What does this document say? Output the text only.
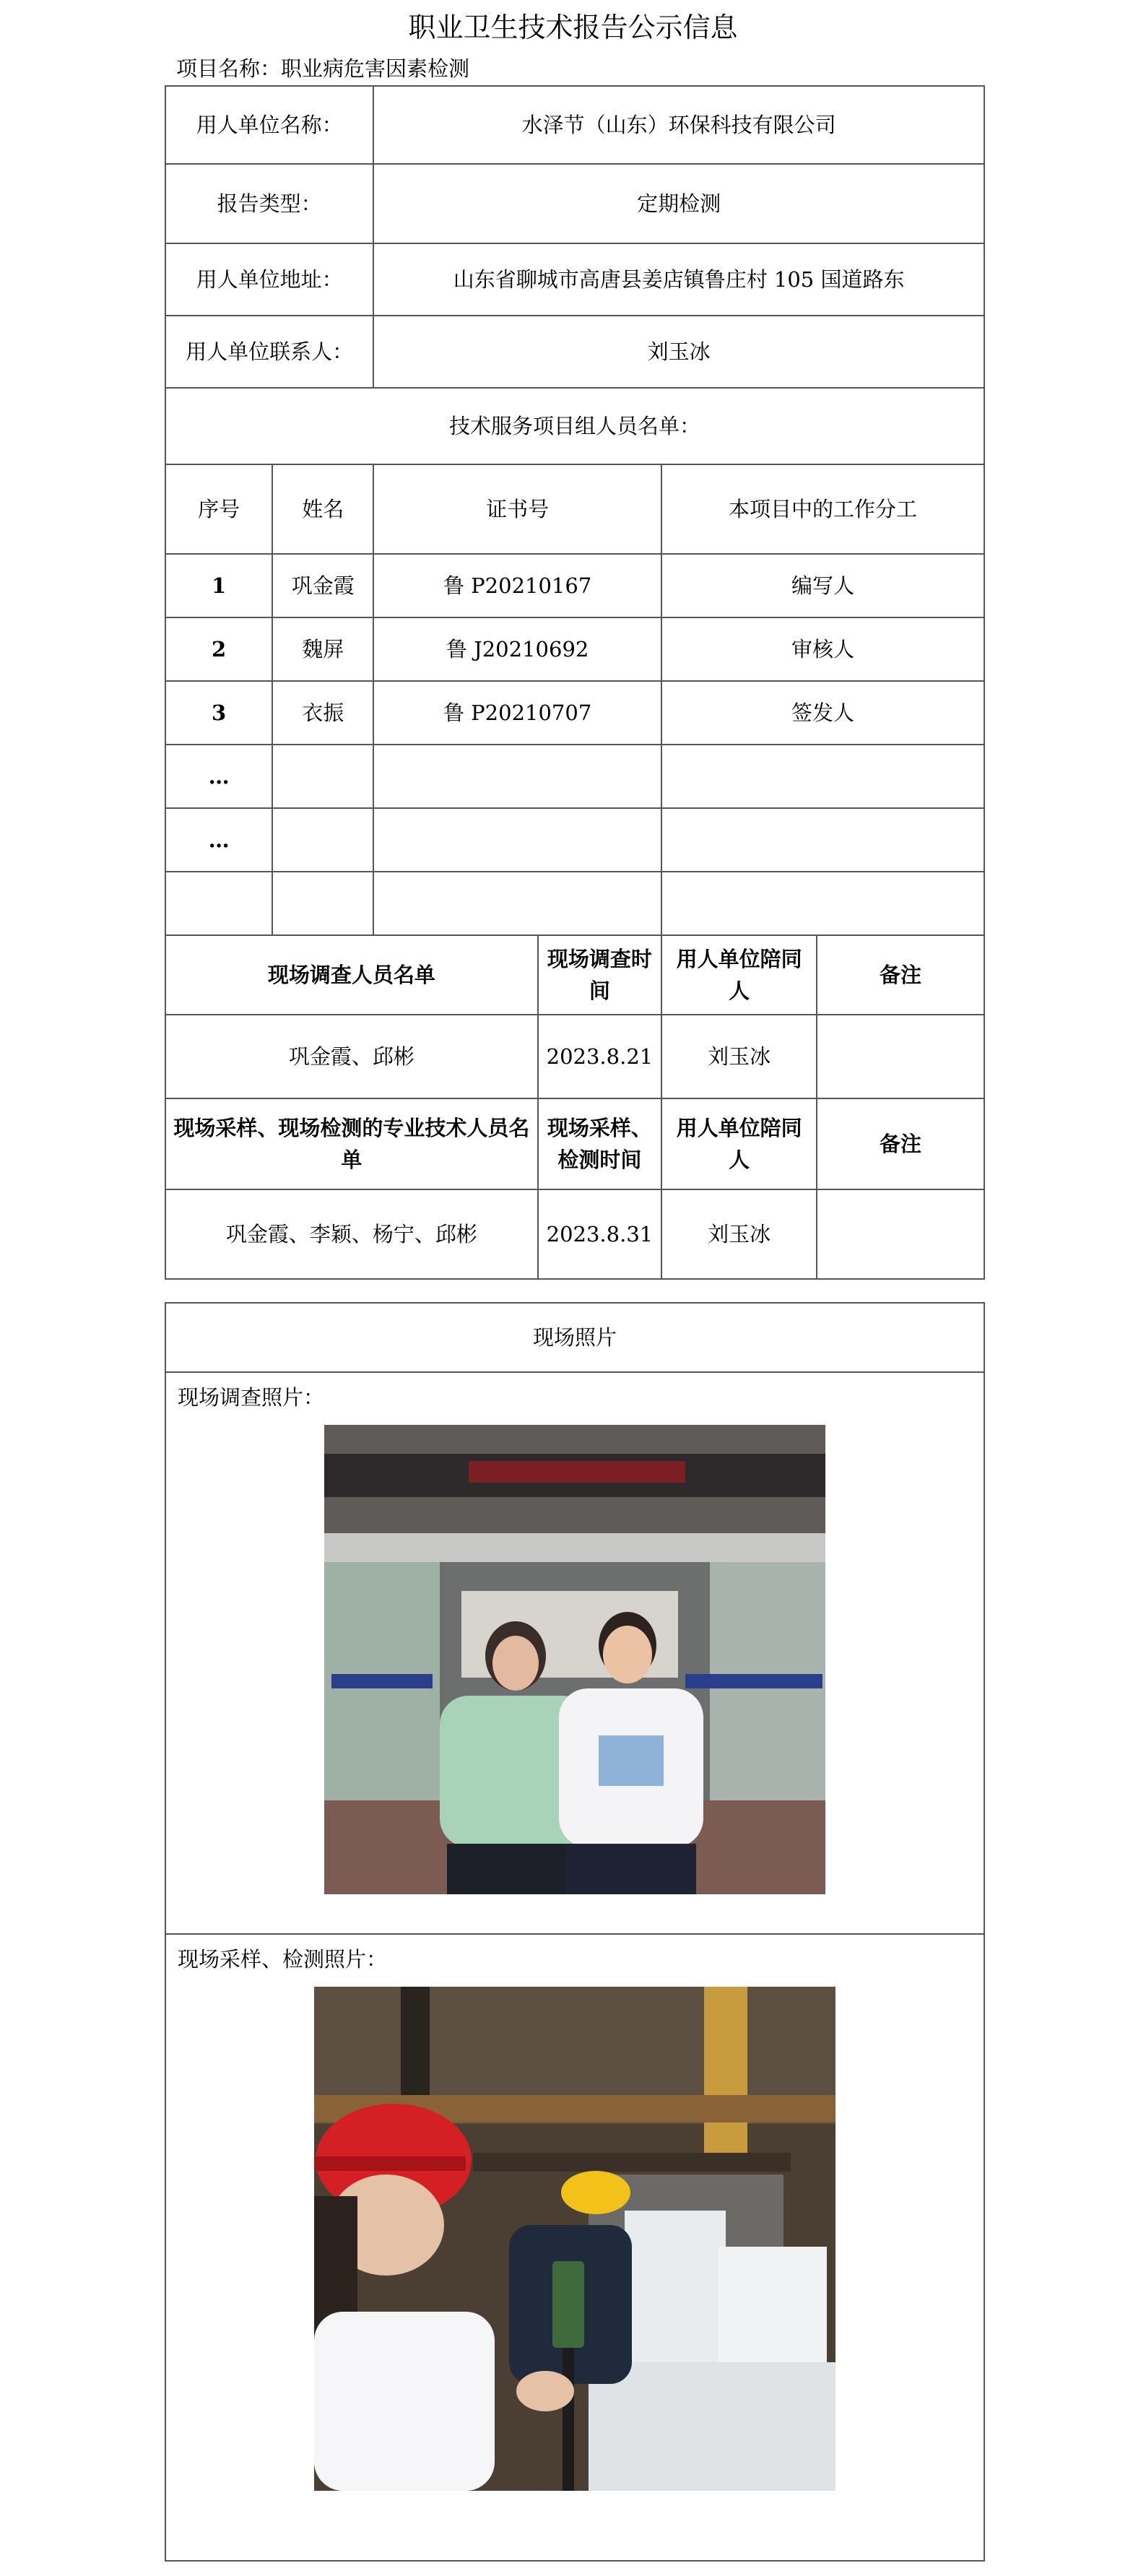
职业卫生技术报告公示信息
项目名称：职业病危害因素检测
用人单位名称：		水泽节（山东）环保科技有限公司			
报告类型：		定期检测			
用人单位地址：		山东省聊城市高唐县姜店镇鲁庄村 105 国道路东			
用人单位联系人：		刘玉冰			
技术服务项目组人员名单：					
序号	姓名	证书号		本项目中的工作分工	
1	巩金霞	鲁 P20210167		编写人	
2	魏屏	鲁 J20210692		审核人	
3	衣振	鲁 P20210707		签发人	
…					
…					

现场调查人员名单			现场调查时间	用人单位陪同人	备注
巩金霞、邱彬			2023.8.21	刘玉冰	
现场采样、现场检测的专业技术人员名单			现场采样、检测时间	用人单位陪同人	备注
巩金霞、李颖、杨宁、邱彬			2023.8.31	刘玉冰	
现场照片

现场调查照片：

现场采样、检测照片：
